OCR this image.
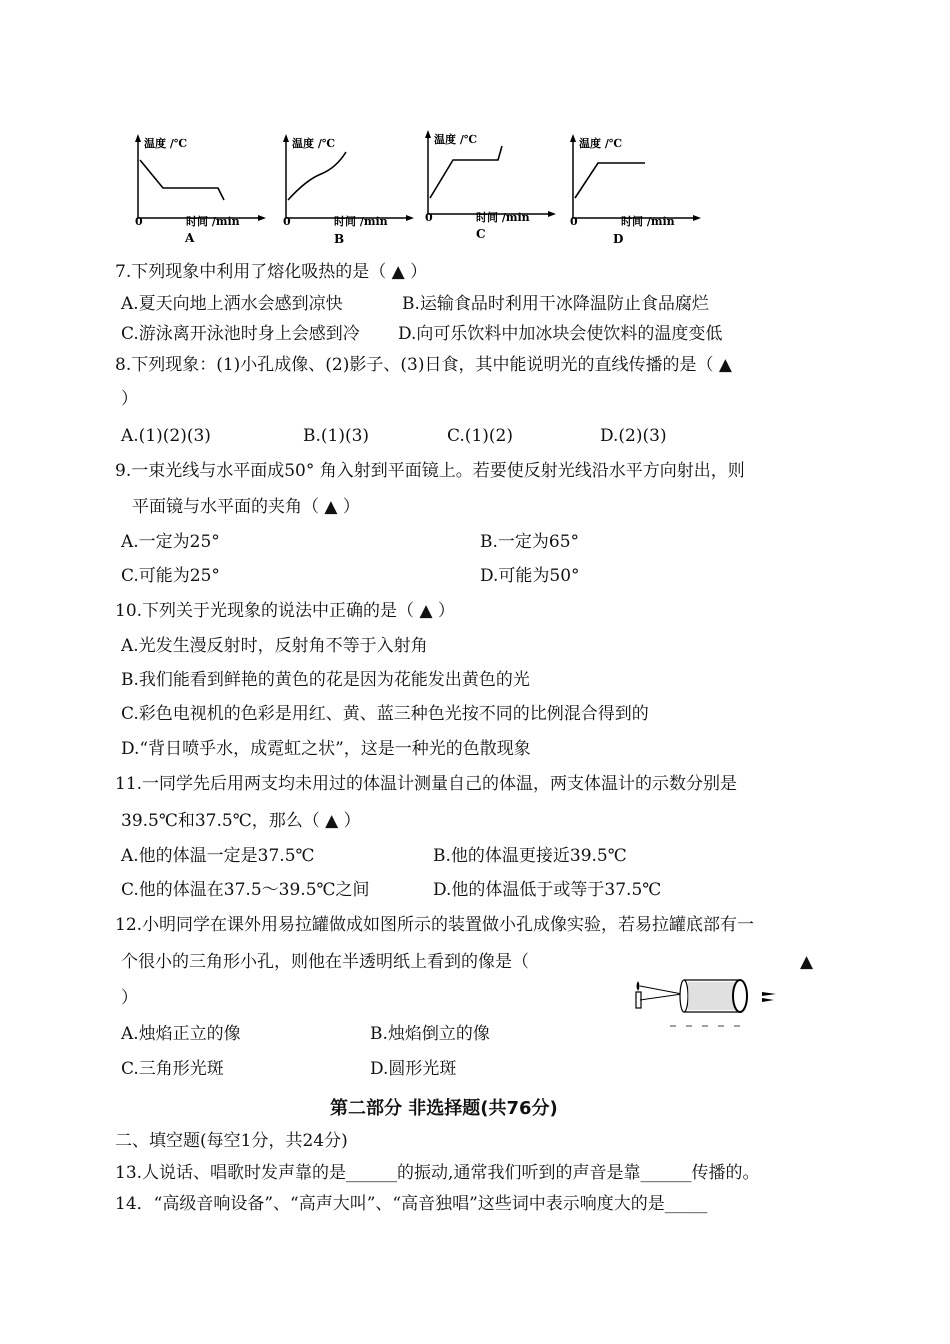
温度 /℃
时间 /min
0
A
温度 /℃
时间 /min
0
B
温度 /℃
时间 /min
0
C
温度 /℃
时间 /min
0
D
7.下列现象中利用了熔化吸热的是（ ▲ ）
A.夏天向地上洒水会感到凉快	B.运输食品时利用干冰降温防止食品腐烂
C.游泳离开泳池时身上会感到冷 D.向可乐饮料中加冰块会使饮料的温度变低
8.下列现象：(1)小孔成像、(2)影子、(3)日食，其中能说明光的直线传播的是（ ▲
）
A.(1)(2)(3)	B.(1)(3)	C.(1)(2)	D.(2)(3)
9.一束光线与水平面成50° 角入射到平面镜上。若要使反射光线沿水平方向射出，则
平面镜与水平面的夹角（ ▲ ）
A.一定为25°	B.一定为65°
C.可能为25°	D.可能为50°
10.下列关于光现象的说法中正确的是（ ▲ ）
A.光发生漫反射时，反射角不等于入射角
B.我们能看到鲜艳的黄色的花是因为花能发出黄色的光
C.彩色电视机的色彩是用红、黄、蓝三种色光按不同的比例混合得到的
D.“背日喷乎水，成霓虹之状”，这是一种光的色散现象
11.一同学先后用两支均未用过的体温计测量自己的体温，两支体温计的示数分别是
39.5℃和37.5℃，那么（ ▲ ）
A.他的体温一定是37.5℃	B.他的体温更接近39.5℃
C.他的体温在37.5～39.5℃之间	D.他的体温低于或等于37.5℃
12.小明同学在课外用易拉罐做成如图所示的装置做小孔成像实验，若易拉罐底部有一
个很小的三角形小孔，则他在半透明纸上看到的像是（	▲
）
A.烛焰正立的像	B.烛焰倒立的像
C.三角形光斑	D.圆形光斑
第二部分 非选择题(共76分)
二、填空题(每空1分，共24分)
13.人说话、唱歌时发声靠的是______的振动,通常我们听到的声音是靠______传播的。
14．“高级音响设备”、“高声大叫”、“高音独唱”这些词中表示响度大的是_____
